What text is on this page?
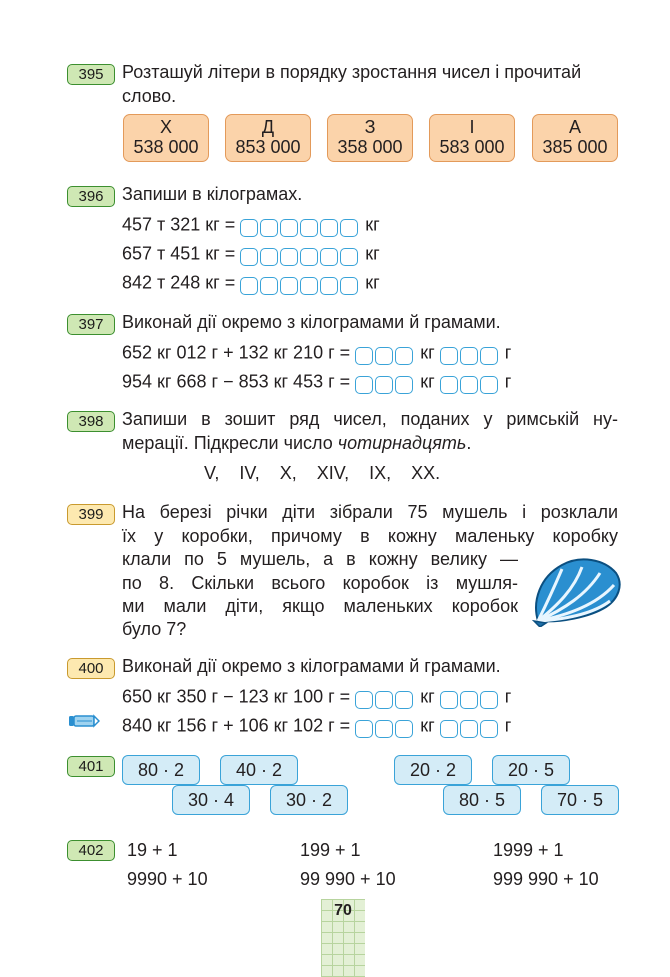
395	Розташуй літери в порядку зростання чисел і прочитай
слово.
Х
538 000
Д
853 000
З
358 000
І
583 000
А
385 000
396	Запиши в кілограмах.
457 т 321 кг =	кг
657 т 451 кг =	кг
842 т 248 кг =	кг
397	Виконай дії окремо з кілограмами й грамами.
652 кг 012 г + 132 кг 210 г =	кг	г
954 кг 668 г − 853 кг 453 г =	кг	г
398	Запиши в зошит ряд чисел, поданих у римській ну-
мерації. Підкресли число чотирнадцять.
V,    IV,    X,    XIV,    IX,    XX.
399	На березі річки діти зібрали 75 мушель і розклали
їх у коробки, причому в кожну маленьку коробку
клали по 5 мушель, а в кожну велику —
по 8. Скільки всього коробок із мушля-
ми мали діти, якщо маленьких коробок
було 7?
400	Виконай дії окремо з кілограмами й грамами.
650 кг 350 г − 123 кг 100 г =	кг	г
840 кг 156 г + 106 кг 102 г =	кг	г
401	80 · 2	40 · 2
30 · 4	30 · 2
20 · 2	20 · 5
80 · 5	70 · 5
402	19 + 1	199 + 1	1999 + 1
9990 + 10	99 990 + 10	999 990 + 10
70
